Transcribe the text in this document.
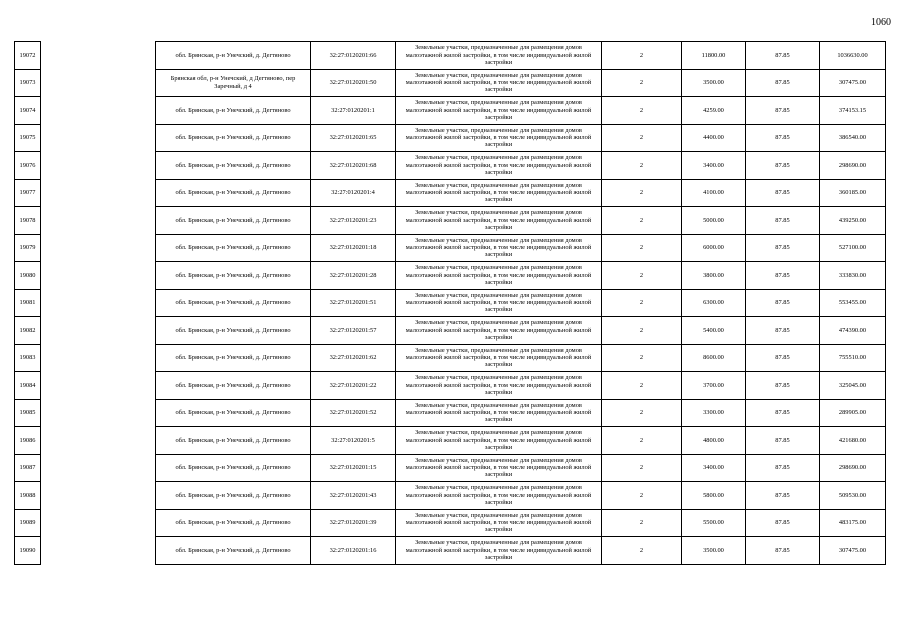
1060
19072		обл. Брянская, р-н Унечский, д. Дегтяново	32:27:0120201:66	Земельные участки, предназначенные для размещения домов малоэтажной жилой застройки, в том числе индивидуальной жилой застройки	2	11800.00	87.85	1036630.00
19073		Брянская обл, р-н Унечский, д Дегтяново, пер Заречный, д 4	32:27:0120201:50	Земельные участки, предназначенные для размещения домов малоэтажной жилой застройки, в том числе индивидуальной жилой застройки	2	3500.00	87.85	307475.00
19074		обл. Брянская, р-н Унечский, д. Дегтяново	32:27:0120201:1	Земельные участки, предназначенные для размещения домов малоэтажной жилой застройки, в том числе индивидуальной жилой застройки	2	4259.00	87.85	374153.15
19075		обл. Брянская, р-н Унечский, д. Дегтяново	32:27:0120201:65	Земельные участки, предназначенные для размещения домов малоэтажной жилой застройки, в том числе индивидуальной жилой застройки	2	4400.00	87.85	386540.00
19076		обл. Брянская, р-н Унечский, д. Дегтяново	32:27:0120201:68	Земельные участки, предназначенные для размещения домов малоэтажной жилой застройки, в том числе индивидуальной жилой застройки	2	3400.00	87.85	298690.00
19077		обл. Брянская, р-н Унечский, д. Дегтяново	32:27:0120201:4	Земельные участки, предназначенные для размещения домов малоэтажной жилой застройки, в том числе индивидуальной жилой застройки	2	4100.00	87.85	360185.00
19078		обл. Брянская, р-н Унечский, д. Дегтяново	32:27:0120201:23	Земельные участки, предназначенные для размещения домов малоэтажной жилой застройки, в том числе индивидуальной жилой застройки	2	5000.00	87.85	439250.00
19079		обл. Брянская, р-н Унечский, д. Дегтяново	32:27:0120201:18	Земельные участки, предназначенные для размещения домов малоэтажной жилой застройки, в том числе индивидуальной жилой застройки	2	6000.00	87.85	527100.00
19080		обл. Брянская, р-н Унечский, д. Дегтяново	32:27:0120201:28	Земельные участки, предназначенные для размещения домов малоэтажной жилой застройки, в том числе индивидуальной жилой застройки	2	3800.00	87.85	333830.00
19081		обл. Брянская, р-н Унечский, д. Дегтяново	32:27:0120201:51	Земельные участки, предназначенные для размещения домов малоэтажной жилой застройки, в том числе индивидуальной жилой застройки	2	6300.00	87.85	553455.00
19082		обл. Брянская, р-н Унечский, д. Дегтяново	32:27:0120201:57	Земельные участки, предназначенные для размещения домов малоэтажной жилой застройки, в том числе индивидуальной жилой застройки	2	5400.00	87.85	474390.00
19083		обл. Брянская, р-н Унечский, д. Дегтяново	32:27:0120201:62	Земельные участки, предназначенные для размещения домов малоэтажной жилой застройки, в том числе индивидуальной жилой застройки	2	8600.00	87.85	755510.00
19084		обл. Брянская, р-н Унечский, д. Дегтяново	32:27:0120201:22	Земельные участки, предназначенные для размещения домов малоэтажной жилой застройки, в том числе индивидуальной жилой застройки	2	3700.00	87.85	325045.00
19085		обл. Брянская, р-н Унечский, д. Дегтяново	32:27:0120201:52	Земельные участки, предназначенные для размещения домов малоэтажной жилой застройки, в том числе индивидуальной жилой застройки	2	3300.00	87.85	289905.00
19086		обл. Брянская, р-н Унечский, д. Дегтяново	32:27:0120201:5	Земельные участки, предназначенные для размещения домов малоэтажной жилой застройки, в том числе индивидуальной жилой застройки	2	4800.00	87.85	421680.00
19087		обл. Брянская, р-н Унечский, д. Дегтяново	32:27:0120201:15	Земельные участки, предназначенные для размещения домов малоэтажной жилой застройки, в том числе индивидуальной жилой застройки	2	3400.00	87.85	298690.00
19088		обл. Брянская, р-н Унечский, д. Дегтяново	32:27:0120201:43	Земельные участки, предназначенные для размещения домов малоэтажной жилой застройки, в том числе индивидуальной жилой застройки	2	5800.00	87.85	509530.00
19089		обл. Брянская, р-н Унечский, д. Дегтяново	32:27:0120201:39	Земельные участки, предназначенные для размещения домов малоэтажной жилой застройки, в том числе индивидуальной жилой застройки	2	5500.00	87.85	483175.00
19090		обл. Брянская, р-н Унечский, д. Дегтяново	32:27:0120201:16	Земельные участки, предназначенные для размещения домов малоэтажной жилой застройки, в том числе индивидуальной жилой застройки	2	3500.00	87.85	307475.00
